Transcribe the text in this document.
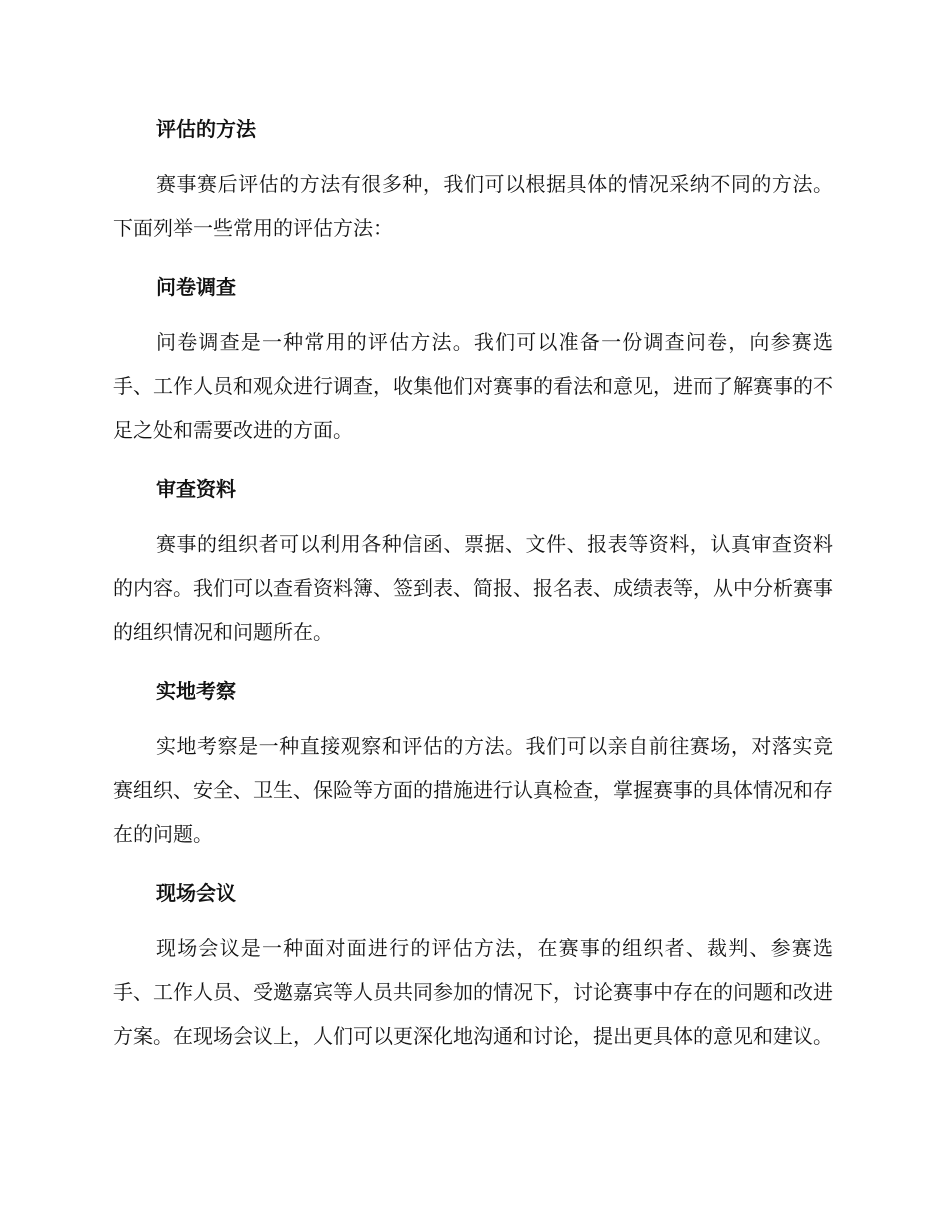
评估的方法

赛事赛后评估的方法有很多种，我们可以根据具体的情况采纳不同的方法。下面列举一些常用的评估方法：

问卷调查

问卷调查是一种常用的评估方法。我们可以准备一份调查问卷，向参赛选手、工作人员和观众进行调查，收集他们对赛事的看法和意见，进而了解赛事的不足之处和需要改进的方面。

审查资料

赛事的组织者可以利用各种信函、票据、文件、报表等资料，认真审查资料的内容。我们可以查看资料簿、签到表、简报、报名表、成绩表等，从中分析赛事的组织情况和问题所在。

实地考察

实地考察是一种直接观察和评估的方法。我们可以亲自前往赛场，对落实竞赛组织、安全、卫生、保险等方面的措施进行认真检查，掌握赛事的具体情况和存在的问题。

现场会议

现场会议是一种面对面进行的评估方法，在赛事的组织者、裁判、参赛选手、工作人员、受邀嘉宾等人员共同参加的情况下，讨论赛事中存在的问题和改进方案。在现场会议上，人们可以更深化地沟通和讨论，提出更具体的意见和建议。
